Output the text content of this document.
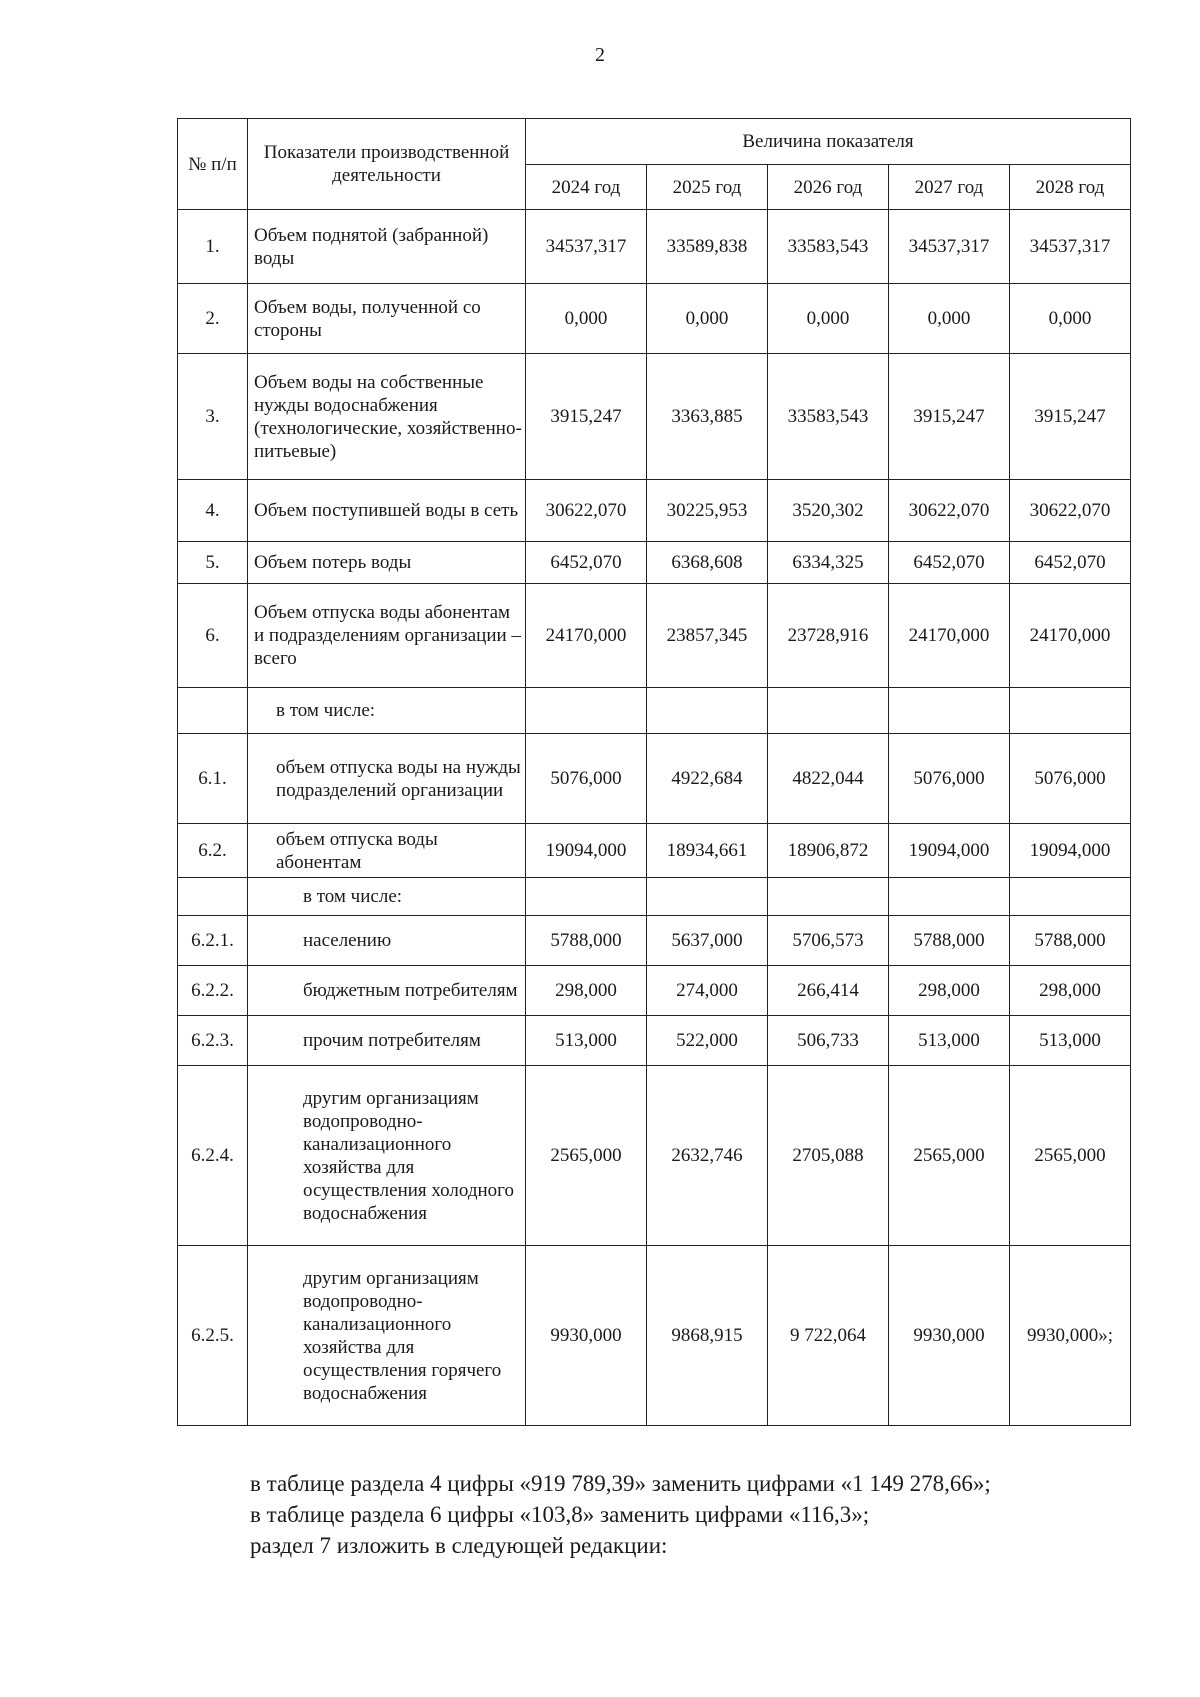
2
№ п/п	Показатели производственной деятельности	Величина показателя				
		2024 год	2025 год	2026 год	2027 год	2028 год
1.	Объем поднятой (забранной) воды	34537,317	33589,838	33583,543	34537,317	34537,317
2.	Объем воды, полученной со стороны	0,000	0,000	0,000	0,000	0,000
3.	Объем воды на собственные нужды водоснабжения (технологические, хозяйственно-питьевые)	3915,247	3363,885	33583,543	3915,247	3915,247
4.	Объем поступившей воды в сеть	30622,070	30225,953	3520,302	30622,070	30622,070
5.	Объем потерь воды	6452,070	6368,608	6334,325	6452,070	6452,070
6.	Объем отпуска воды абонентам и подразделениям организации – всего	24170,000	23857,345	23728,916	24170,000	24170,000
	в том числе:					
6.1.	объем отпуска воды на нужды подразделений организации	5076,000	4922,684	4822,044	5076,000	5076,000
6.2.	объем отпуска воды абонентам	19094,000	18934,661	18906,872	19094,000	19094,000
	в том числе:					
6.2.1.	населению	5788,000	5637,000	5706,573	5788,000	5788,000
6.2.2.	бюджетным потребителям	298,000	274,000	266,414	298,000	298,000
6.2.3.	прочим потребителям	513,000	522,000	506,733	513,000	513,000
6.2.4.	другим организациям водопроводно-канализационного хозяйства для осуществления холодного водоснабжения	2565,000	2632,746	2705,088	2565,000	2565,000
6.2.5.	другим организациям водопроводно-канализационного хозяйства для осуществления горячего водоснабжения	9930,000	9868,915	9 722,064	9930,000	9930,000»;

в таблице раздела 4 цифры «919 789,39» заменить цифрами «1 149 278,66»;

в таблице раздела 6 цифры «103,8» заменить цифрами «116,3»;

раздел 7 изложить в следующей редакции:
